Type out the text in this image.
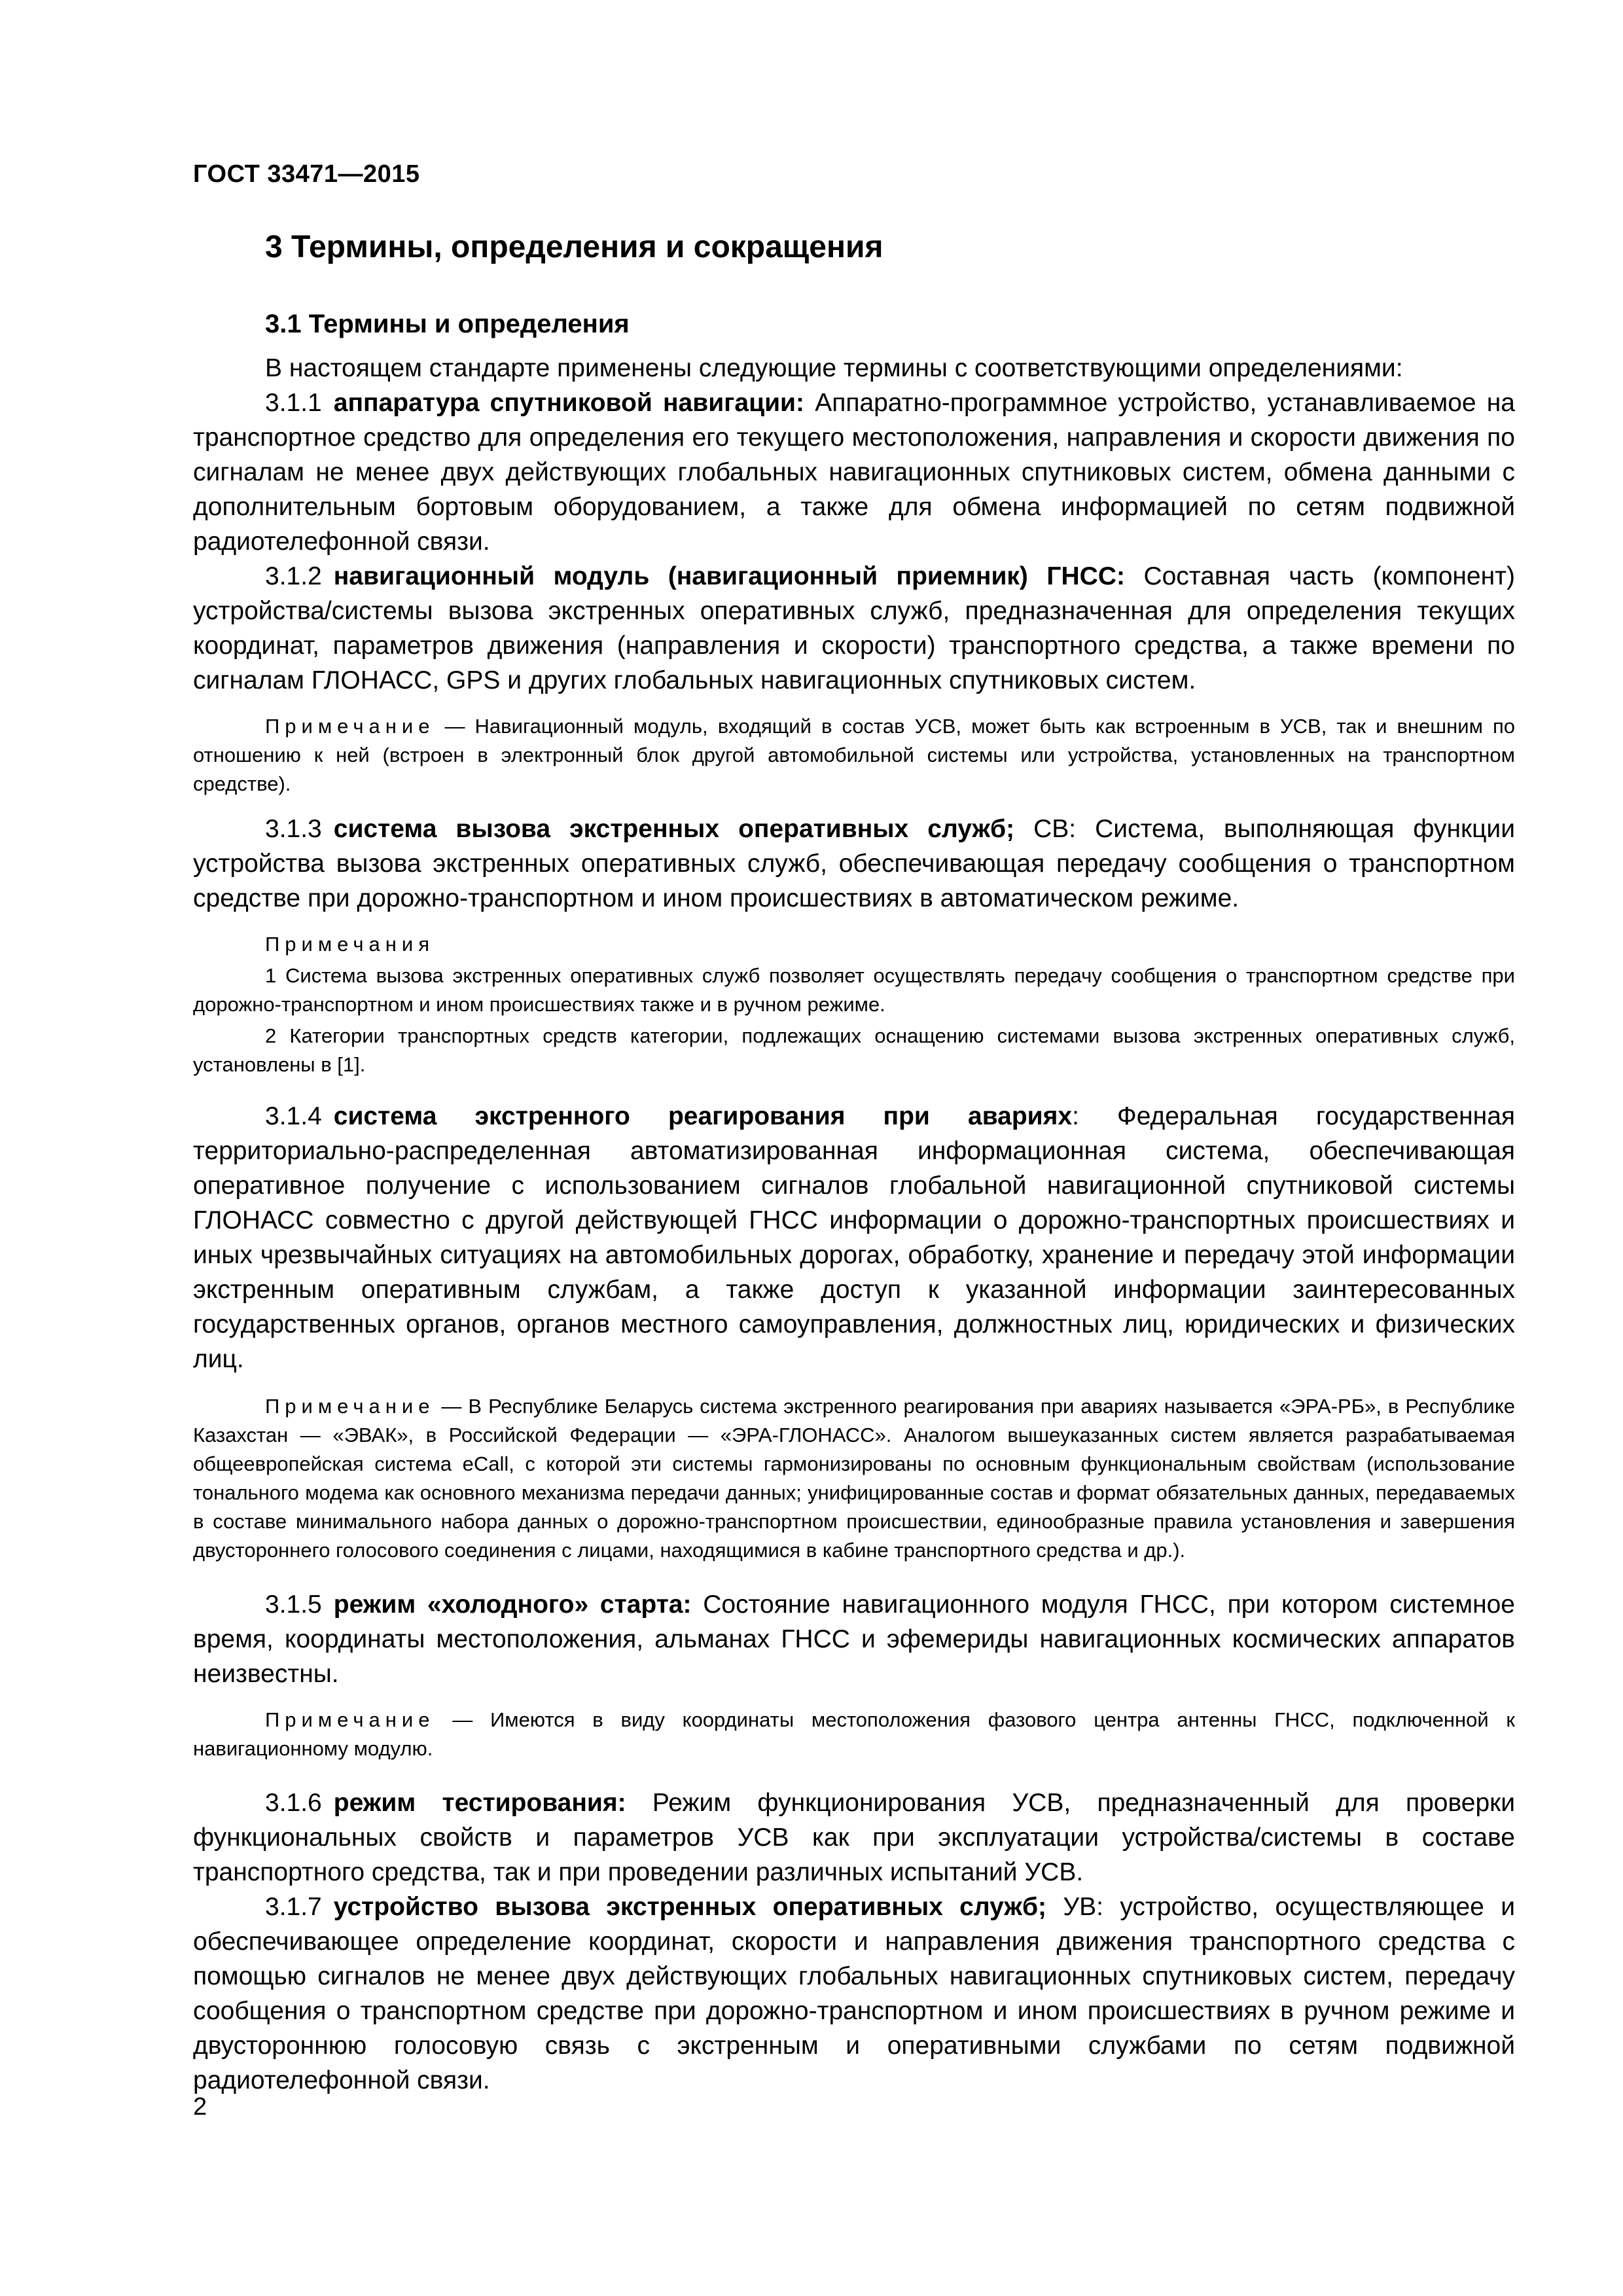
ГОСТ 33471—2015
3 Термины, определения и сокращения
3.1 Термины и определения

В настоящем стандарте применены следующие термины с соответствующими определениями:

3.1.1 аппаратура спутниковой навигации: Аппаратно-программное устройство, устанавливаемое на транспортное средство для определения его текущего местоположения, направления и скорости движения по сигналам не менее двух действующих глобальных навигационных спутниковых систем, обмена данными с дополнительным бортовым оборудованием, а также для обмена информацией по сетям подвижной радиотелефонной связи.

3.1.2 навигационный модуль (навигационный приемник) ГНСС: Составная часть (компонент) устройства/системы вызова экстренных оперативных служб, предназначенная для определения текущих координат, параметров движения (направления и скорости) транспортного средства, а также времени по сигналам ГЛОНАСС, GPS и других глобальных навигационных спутниковых систем.

Примечание — Навигационный модуль, входящий в состав УСВ, может быть как встроенным в УСВ, так и внешним по отношению к ней (встроен в электронный блок другой автомобильной системы или устройства, установленных на транспортном средстве).

3.1.3 система вызова экстренных оперативных служб; СВ: Система, выполняющая функции устройства вызова экстренных оперативных служб, обеспечивающая передачу сообщения о транспортном средстве при дорожно-транспортном и ином происшествиях в автоматическом режиме.

Примечания

1 Система вызова экстренных оперативных служб позволяет осуществлять передачу сообщения о транспортном средстве при дорожно-транспортном и ином происшествиях также и в ручном режиме.

2 Категории транспортных средств категории, подлежащих оснащению системами вызова экстренных оперативных служб, установлены в [1].

3.1.4 система экстренного реагирования при авариях: Федеральная государственная территориально-распределенная автоматизированная информационная система, обеспечивающая оперативное получение с использованием сигналов глобальной навигационной спутниковой системы ГЛОНАСС совместно с другой действующей ГНСС информации о дорожно-транспортных происшествиях и иных чрезвычайных ситуациях на автомобильных дорогах, обработку, хранение и передачу этой информации экстренным оперативным службам, а также доступ к указанной информации заинтересованных государственных органов, органов местного самоуправления, должностных лиц, юридических и физических лиц.

Примечание — В Республике Беларусь система экстренного реагирования при авариях называется «ЭРА-РБ», в Республике Казахстан — «ЭВАК», в Российской Федерации — «ЭРА-ГЛОНАСС». Аналогом вышеуказанных систем является разрабатываемая общеевропейская система eCall, с которой эти системы гармонизированы по основным функциональным свойствам (использование тонального модема как основного механизма передачи данных; унифицированные состав и формат обязательных данных, передаваемых в составе минимального набора данных о дорожно-транспортном происшествии, единообразные правила установления и завершения двустороннего голосового соединения с лицами, находящимися в кабине транспортного средства и др.).

3.1.5 режим «холодного» старта: Состояние навигационного модуля ГНСС, при котором системное время, координаты местоположения, альманах ГНСС и эфемериды навигационных космических аппаратов неизвестны.

Примечание — Имеются в виду координаты местоположения фазового центра антенны ГНСС, подключенной к навигационному модулю.

3.1.6 режим тестирования: Режим функционирования УСВ, предназначенный для проверки функциональных свойств и параметров УСВ как при эксплуатации устройства/системы в составе транспортного средства, так и при проведении различных испытаний УСВ.

3.1.7 устройство вызова экстренных оперативных служб; УВ: устройство, осуществляющее и обеспечивающее определение координат, скорости и направления движения транспортного средства с помощью сигналов не менее двух действующих глобальных навигационных спутниковых систем, передачу сообщения о транспортном средстве при дорожно-транспортном и ином происшествиях в ручном режиме и двустороннюю голосовую связь с экстренным и оперативными службами по сетям подвижной радиотелефонной связи.

2
